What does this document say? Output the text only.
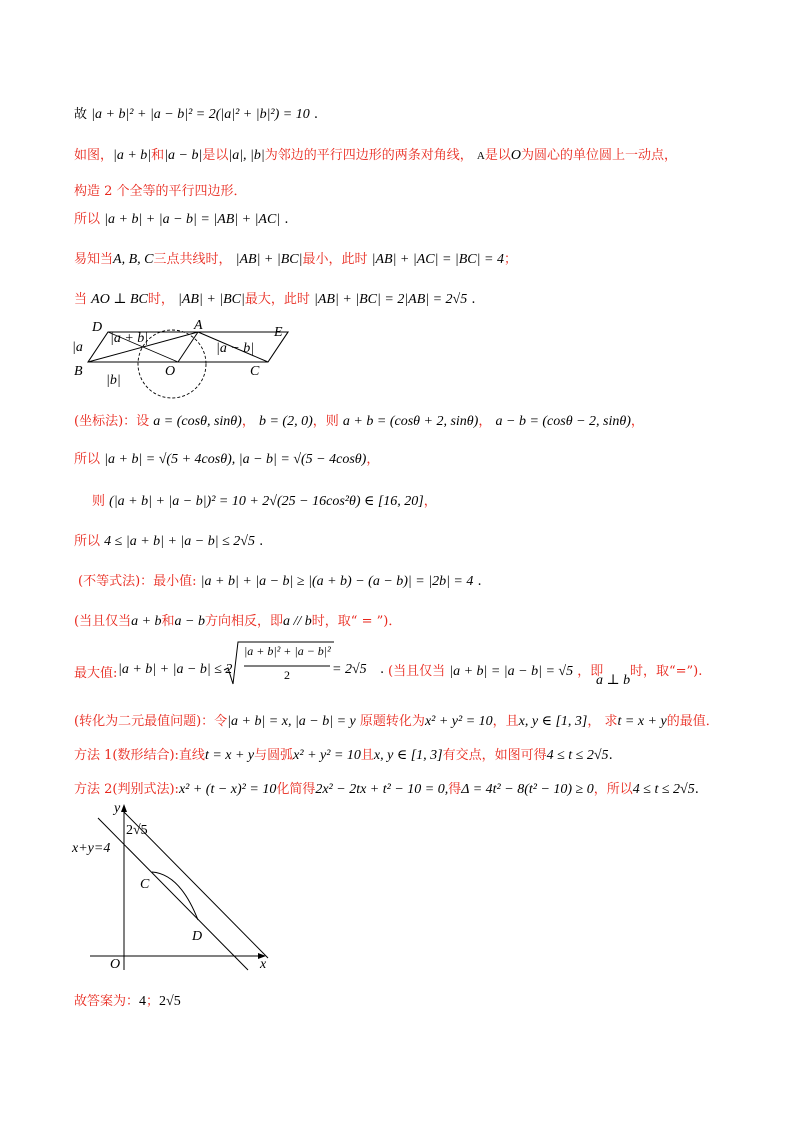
故 |a + b|² + |a − b|² = 2(|a|² + |b|²) = 10 .
如图，|a + b|和|a − b|是以|a|, |b|为邻边的平行四边形的两条对角线， A是以O为圆心的单位圆上一动点，
构造 2 个全等的平行四边形．
所以 |a + b| + |a − b| = |AB| + |AC| .
易知当A, B, C三点共线时， |AB| + |BC|最小，此时 |AB| + |AC| = |BC| = 4；
当 AO ⊥ BC时， |AB| + |BC|最大，此时 |AB| + |BC| = 2|AB| = 2√5 .
D	A	E
B	O	C
|a
|b|
|a + b|
|a − b|
(坐标法)：设 a = (cosθ, sinθ)， b = (2, 0)，则 a + b = (cosθ + 2, sinθ)， a − b = (cosθ − 2, sinθ)，
所以 |a + b| = √(5 + 4cosθ), |a − b| = √(5 − 4cosθ)，
则 (|a + b| + |a − b|)² = 10 + 2√(25 − 16cos²θ) ∈ [16, 20]，
所以 4 ≤ |a + b| + |a − b| ≤ 2√5 .
(不等式法)：最小值: |a + b| + |a − b| ≥ |(a + b) − (a − b)| = |2b| = 4 .
(当且仅当a + b和a − b方向相反，即a // b时，取“ = ”)．
最大值: |a + b| + |a − b| ≤ 2
|a + b|² + |a − b|²
2	= 2√5 . (当且仅当 |a + b| = |a − b| = √5 ，即
a ⊥ b
时，取“=”).
(转化为二元最值问题)：令|a + b| = x, |a − b| = y 原题转化为x² + y² = 10，且x, y ∈ [1, 3]， 求t = x + y的最值．
方法 1(数形结合):直线t = x + y与圆弧x² + y² = 10且x, y ∈ [1, 3]有交点，如图可得4 ≤ t ≤ 2√5.
方法 2(判别式法):x² + (t − x)² = 10化简得2x² − 2tx + t² − 10 = 0,得Δ = 4t² − 8(t² − 10) ≥ 0，所以4 ≤ t ≤ 2√5.
y
x
O
C
D
2√5
x+y=4
故答案为：4；2√5
